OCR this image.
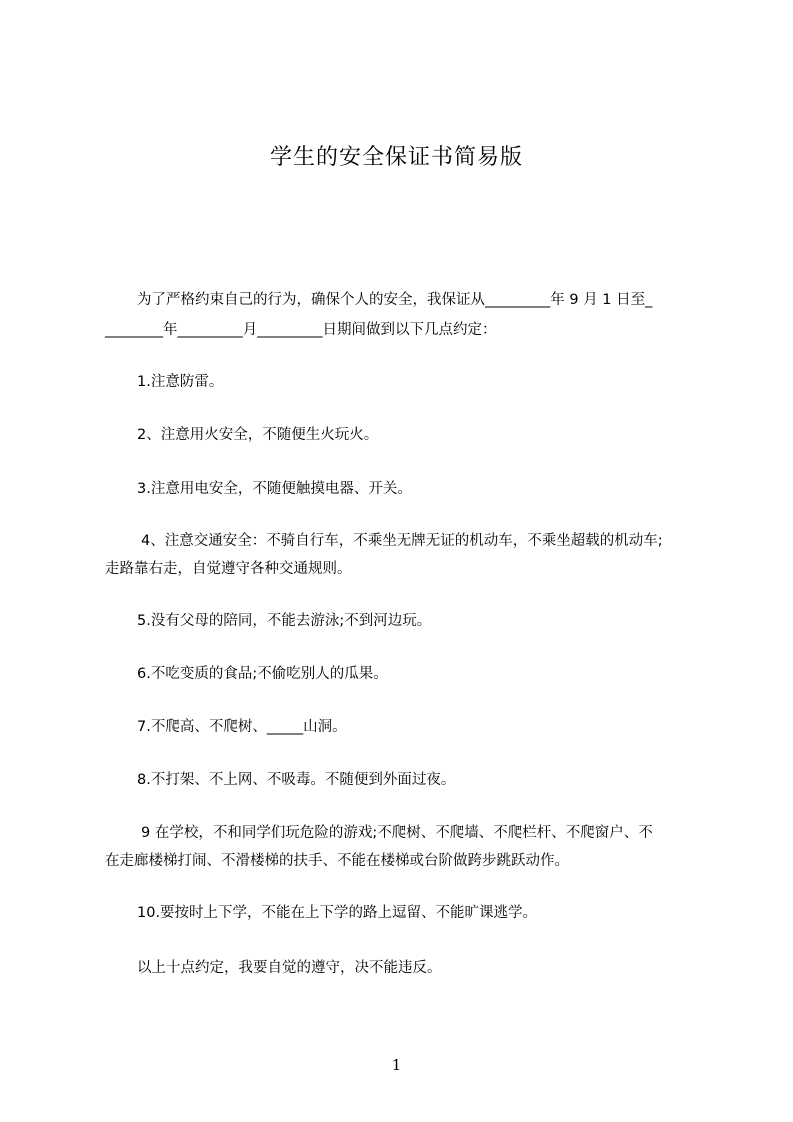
学生的安全保证书简易版
为了严格约束自己的行为，确保个人的安全，我保证从_________年 9 月 1 日至_
________年_________月_________日期间做到以下几点约定：
1.注意防雷。
2、注意用火安全，不随便生火玩火。
3.注意用电安全，不随便触摸电器、开关。
4、注意交通安全：不骑自行车，不乘坐无牌无证的机动车，不乘坐超载的机动车;
走路靠右走，自觉遵守各种交通规则。
5.没有父母的陪同，不能去游泳;不到河边玩。
6.不吃变质的食品;不偷吃别人的瓜果。
7.不爬高、不爬树、_____山洞。
8.不打架、不上网、不吸毒。不随便到外面过夜。
9 在学校，不和同学们玩危险的游戏;不爬树、不爬墙、不爬栏杆、不爬窗户、不
在走廊楼梯打闹、不滑楼梯的扶手、不能在楼梯或台阶做跨步跳跃动作。
10.要按时上下学，不能在上下学的路上逗留、不能旷课逃学。
以上十点约定，我要自觉的遵守，决不能违反。
1
